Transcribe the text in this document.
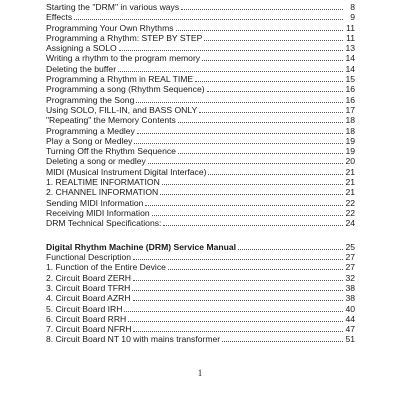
Starting the "DRM" in various ways	8
Effects	9
Programming Your Own Rhythms	11
Programming a Rhythm: STEP BY STEP	11
Assigning a SOLO	13
Writing a rhythm to the program memory	14
Deleting the buffer	14
Programming a Rhythm in REAL TIME	15
Programming a song (Rhythm Sequence)	16
Programming the Song	16
Using SOLO, FILL-IN, and BASS ONLY	17
"Repeating" the Memory Contents	18
Programming a Medley	18
Play a Song or Medley	19
Turning Off the Rhythm Sequence	19
Deleting a song or medley	20
MIDI (Musical Instrument Digital Interface)	21
1. REALTIME INFORMATION	21
2. CHANNEL INFORMATION	21
Sending MIDI Information	22
Receiving MIDI Information	22
DRM Technical Specifications:	24
Digital Rhythm Machine (DRM) Service Manual	25
Functional Description	27
1. Function of the Entire Device	27
2. Circuit Board ZERH	32
3. Circuit Board TFRH	38
4. Circuit Board AZRH	38
5. Circuit Board IRH	40
6. Circuit Board RRH	44
7. Circuit Board NFRH	47
8. Circuit Board NT 10 with mains transformer	51
1
